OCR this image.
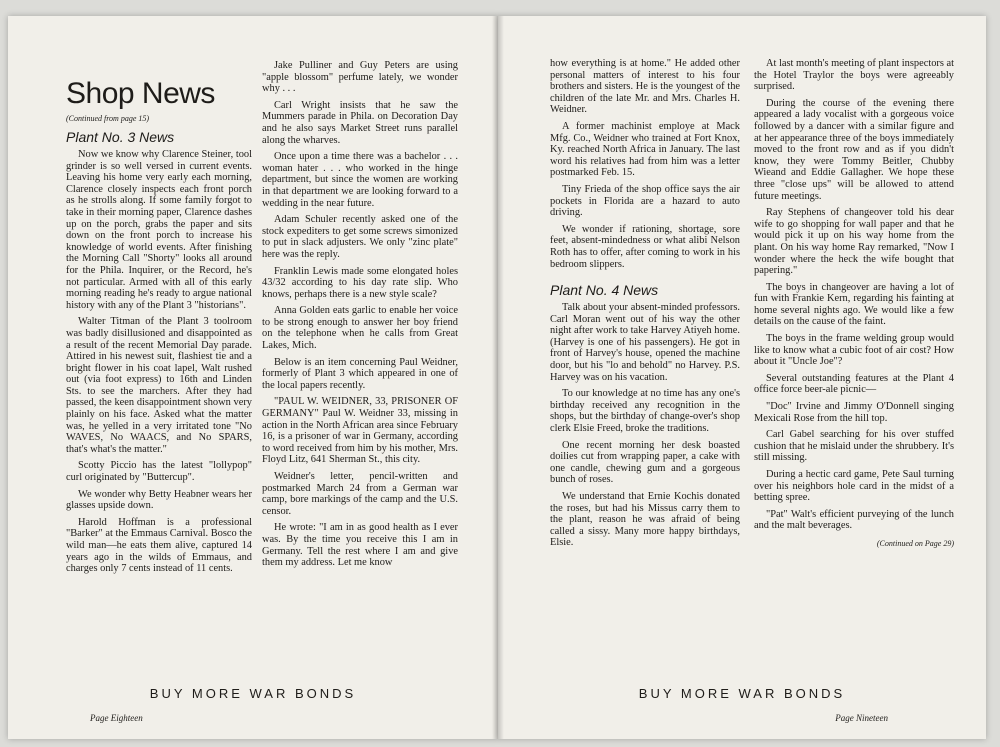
Shop News
(Continued from page 15)
Plant No. 3 News

Now we know why Clarence Steiner, tool grinder is so well versed in current events. Leaving his home very early each morning, Clarence closely inspects each front porch as he strolls along. If some family forgot to take in their morning paper, Clarence dashes up on the porch, grabs the paper and sits down on the front porch to increase his knowledge of world events. After finishing the Morning Call "Shorty" looks all around for the Phila. Inquirer, or the Record, he's not particular. Armed with all of this early morning reading he's ready to argue national history with any of the Plant 3 "historians".

Walter Titman of the Plant 3 toolroom was badly disillusioned and disappointed as a result of the recent Memorial Day parade. Attired in his newest suit, flashiest tie and a bright flower in his coat lapel, Walt rushed out (via foot express) to 16th and Linden Sts. to see the marchers. After they had passed, the keen disappointment shown very plainly on his face. Asked what the matter was, he yelled in a very irritated tone "No WAVES, No WAACS, and No SPARS, that's what's the matter."

Scotty Piccio has the latest "lollypop" curl originated by "Buttercup".

We wonder why Betty Heabner wears her glasses upside down.

Harold Hoffman is a professional "Barker" at the Emmaus Carnival. Bosco the wild man—he eats them alive, captured 14 years ago in the wilds of Emmaus, and charges only 7 cents instead of 11 cents.

Jake Pulliner and Guy Peters are using "apple blossom" perfume lately, we wonder why . . .

Carl Wright insists that he saw the Mummers parade in Phila. on Decoration Day and he also says Market Street runs parallel along the wharves.

Once upon a time there was a bachelor . . . woman hater . . . who worked in the hinge department, but since the women are working in that department we are looking forward to a wedding in the near future.

Adam Schuler recently asked one of the stock expediters to get some screws simonized to put in slack adjusters. We only "zinc plate" here was the reply.

Franklin Lewis made some elongated holes 43/32 according to his day rate slip. Who knows, perhaps there is a new style scale?

Anna Golden eats garlic to enable her voice to be strong enough to answer her boy friend on the telephone when he calls from Great Lakes, Mich.

Below is an item concerning Paul Weidner, formerly of Plant 3 which appeared in one of the local papers recently.

"PAUL W. WEIDNER, 33, PRISONER OF GERMANY" Paul W. Weidner 33, missing in action in the North African area since February 16, is a prisoner of war in Germany, according to word received from him by his mother, Mrs. Floyd Litz, 641 Sherman St., this city.

Weidner's letter, pencil-written and postmarked March 24 from a German war camp, bore markings of the camp and the U.S. censor.

He wrote: "I am in as good health as I ever was. By the time you receive this I am in Germany. Tell the rest where I am and give them my address. Let me know

BUY MORE WAR BONDS
Page Eighteen

how everything is at home." He added other personal matters of interest to his four brothers and sisters. He is the youngest of the children of the late Mr. and Mrs. Charles H. Weidner.

A former machinist employe at Mack Mfg. Co., Weidner who trained at Fort Knox, Ky. reached North Africa in January. The last word his relatives had from him was a letter postmarked Feb. 15.

Tiny Frieda of the shop office says the air pockets in Florida are a hazard to auto driving.

We wonder if rationing, shortage, sore feet, absent-mindedness or what alibi Nelson Roth has to offer, after coming to work in his bedroom slippers.

Plant No. 4 News

Talk about your absent-minded professors. Carl Moran went out of his way the other night after work to take Harvey Atiyeh home. (Harvey is one of his passengers). He got in front of Harvey's house, opened the machine door, but his "lo and behold" no Harvey. P.S. Harvey was on his vacation.

To our knowledge at no time has any one's birthday received any recognition in the shops, but the birthday of change-over's shop clerk Elsie Freed, broke the traditions.

One recent morning her desk boasted doilies cut from wrapping paper, a cake with one candle, chewing gum and a gorgeous bunch of roses.

We understand that Ernie Kochis donated the roses, but had his Missus carry them to the plant, reason he was afraid of being called a sissy. Many more happy birthdays, Elsie.

At last month's meeting of plant inspectors at the Hotel Traylor the boys were agreeably surprised.

During the course of the evening there appeared a lady vocalist with a gorgeous voice followed by a dancer with a similar figure and at her appearance three of the boys immediately moved to the front row and as if you didn't know, they were Tommy Beitler, Chubby Wieand and Eddie Gallagher. We hope these three "close ups" will be allowed to attend future meetings.

Ray Stephens of changeover told his dear wife to go shopping for wall paper and that he would pick it up on his way home from the plant. On his way home Ray remarked, "Now I wonder where the heck the wife bought that papering."

The boys in changeover are having a lot of fun with Frankie Kern, regarding his fainting at home several nights ago. We would like a few details on the cause of the faint.

The boys in the frame welding group would like to know what a cubic foot of air cost? How about it "Uncle Joe"?

Several outstanding features at the Plant 4 office force beer-ale picnic—

"Doc" Irvine and Jimmy O'Donnell singing Mexicali Rose from the hill top.

Carl Gabel searching for his over stuffed cushion that he mislaid under the shrubbery. It's still missing.

During a hectic card game, Pete Saul turning over his neighbors hole card in the midst of a betting spree.

"Pat" Walt's efficient purveying of the lunch and the malt beverages.

(Continued on Page 29)

BUY MORE WAR BONDS
Page Nineteen
